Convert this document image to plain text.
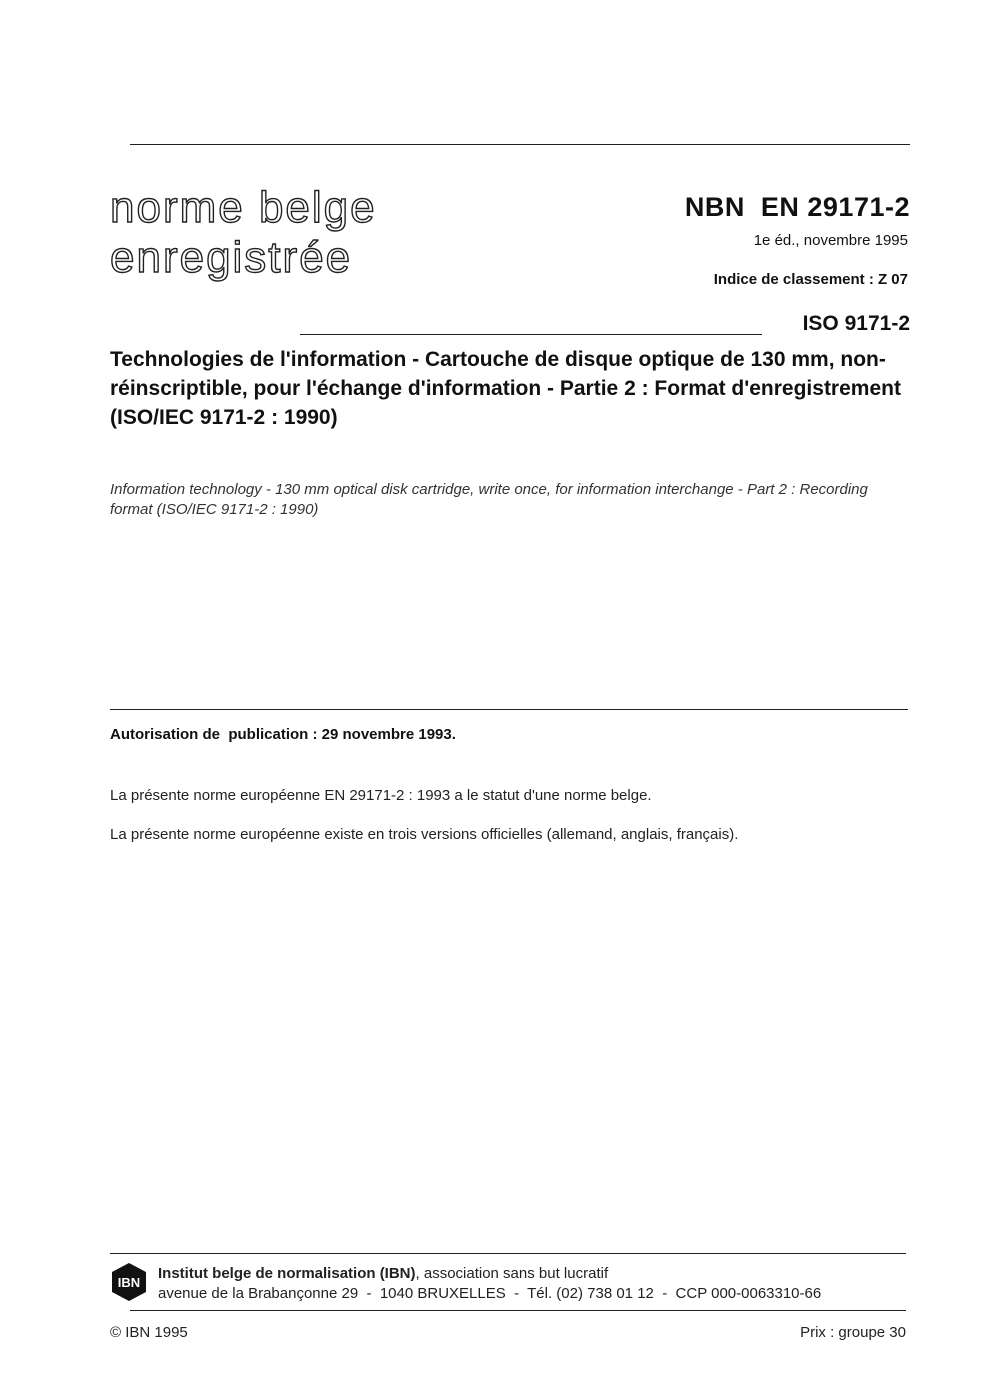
norme belge
enregistrée
NBN  EN 29171-2
1e éd., novembre 1995
Indice de classement : Z 07
ISO 9171-2
Technologies de l'information - Cartouche de disque optique de 130 mm, non-réinscriptible, pour l'échange d'information - Partie 2 : Format d'enregistrement (ISO/IEC 9171-2 : 1990)
Information technology - 130 mm optical disk cartridge, write once, for information interchange - Part 2 : Recording format (ISO/IEC 9171-2 : 1990)
Autorisation de  publication : 29 novembre 1993.
La présente norme européenne EN 29171-2 : 1993 a le statut d'une norme belge.
La présente norme européenne existe en trois versions officielles (allemand, anglais, français).
IBN
Institut belge de normalisation (IBN), association sans but lucratif
avenue de la Brabançonne 29  -  1040 BRUXELLES  -  Tél. (02) 738 01 12  -  CCP 000-0063310-66
© IBN 1995	Prix : groupe 30
